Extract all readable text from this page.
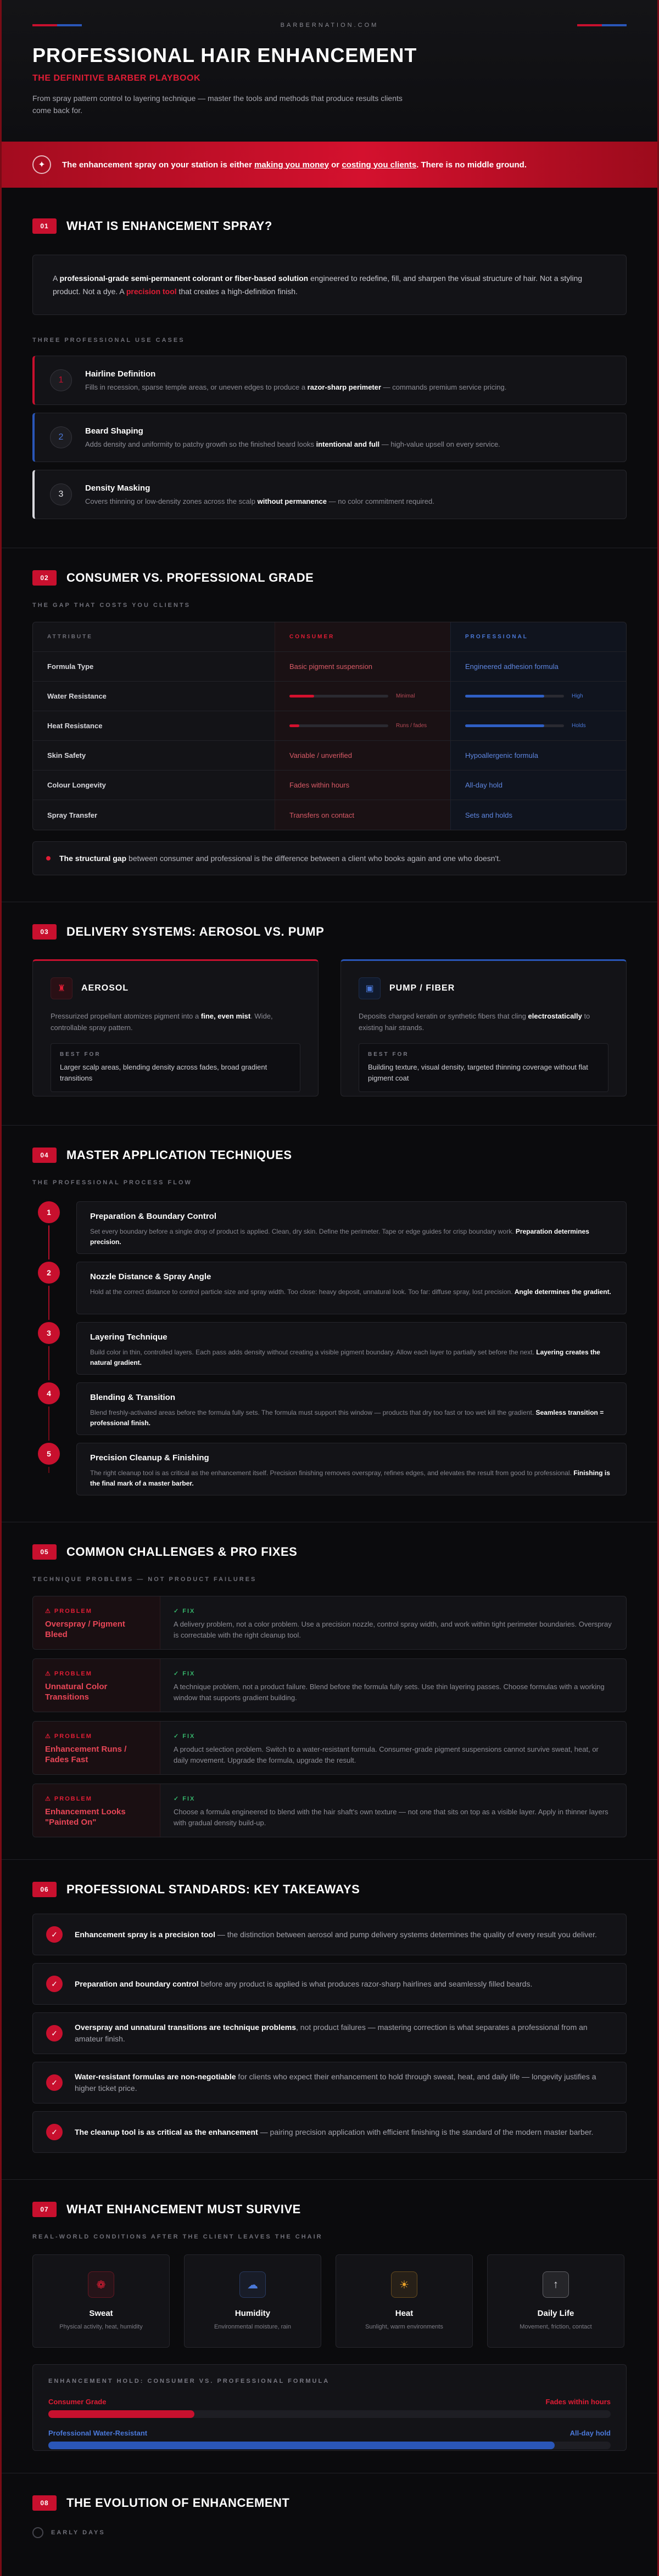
BARBERNATION.COM
PROFESSIONAL HAIR ENHANCEMENT
THE DEFINITIVE BARBER PLAYBOOK

From spray pattern control to layering technique — master the tools and methods that produce results clients come back for.

✦	The enhancement spray on your station is either making you money or costing you clients. There is no middle ground.
01	WHAT IS ENHANCEMENT SPRAY?
A professional-grade semi-permanent colorant or fiber-based solution engineered to redefine, fill, and sharpen the visual structure of hair. Not a styling product. Not a dye. A precision tool that creates a high-definition finish.
THREE PROFESSIONAL USE CASES
1
Hairline Definition
Fills in recession, sparse temple areas, or uneven edges to produce a razor-sharp perimeter — commands premium service pricing.
2
Beard Shaping
Adds density and uniformity to patchy growth so the finished beard looks intentional and full — high-value upsell on every service.
3
Density Masking
Covers thinning or low-density zones across the scalp without permanence — no color commitment required.
02	CONSUMER VS. PROFESSIONAL GRADE
THE GAP THAT COSTS YOU CLIENTS
ATTRIBUTE	CONSUMER	PROFESSIONAL
Formula Type	Basic pigment suspension	Engineered adhesion formula
Water Resistance	Minimal	High
Heat Resistance	Runs / fades	Holds
Skin Safety	Variable / unverified	Hypoallergenic formula
Colour Longevity	Fades within hours	All-day hold
Spray Transfer	Transfers on contact	Sets and holds
The structural gap between consumer and professional is the difference between a client who books again and one who doesn't.
03	DELIVERY SYSTEMS: AEROSOL VS. PUMP
♜	AEROSOL
Pressurized propellant atomizes pigment into a fine, even mist. Wide, controllable spray pattern.
BEST FOR
Larger scalp areas, blending density across fades, broad gradient transitions
▣	PUMP / FIBER
Deposits charged keratin or synthetic fibers that cling electrostatically to existing hair strands.
BEST FOR
Building texture, visual density, targeted thinning coverage without flat pigment coat
04	MASTER APPLICATION TECHNIQUES
THE PROFESSIONAL PROCESS FLOW
1	Preparation & Boundary Control
Set every boundary before a single drop of product is applied. Clean, dry skin. Define the perimeter. Tape or edge guides for crisp boundary work. Preparation determines precision.
2	Nozzle Distance & Spray Angle
Hold at the correct distance to control particle size and spray width. Too close: heavy deposit, unnatural look. Too far: diffuse spray, lost precision. Angle determines the gradient.
3	Layering Technique
Build color in thin, controlled layers. Each pass adds density without creating a visible pigment boundary. Allow each layer to partially set before the next. Layering creates the natural gradient.
4	Blending & Transition
Blend freshly-activated areas before the formula fully sets. The formula must support this window — products that dry too fast or too wet kill the gradient. Seamless transition = professional finish.
5	Precision Cleanup & Finishing
The right cleanup tool is as critical as the enhancement itself. Precision finishing removes overspray, refines edges, and elevates the result from good to professional. Finishing is the final mark of a master barber.
05	COMMON CHALLENGES & PRO FIXES
TECHNIQUE PROBLEMS — NOT PRODUCT FAILURES
⚠ PROBLEM
Overspray / Pigment Bleed
✓ FIX
A delivery problem, not a color problem. Use a precision nozzle, control spray width, and work within tight perimeter boundaries. Overspray is correctable with the right cleanup tool.
⚠ PROBLEM
Unnatural Color Transitions
✓ FIX
A technique problem, not a product failure. Blend before the formula fully sets. Use thin layering passes. Choose formulas with a working window that supports gradient building.
⚠ PROBLEM
Enhancement Runs / Fades Fast
✓ FIX
A product selection problem. Switch to a water-resistant formula. Consumer-grade pigment suspensions cannot survive sweat, heat, or daily movement. Upgrade the formula, upgrade the result.
⚠ PROBLEM
Enhancement Looks "Painted On"
✓ FIX
Choose a formula engineered to blend with the hair shaft's own texture — not one that sits on top as a visible layer. Apply in thinner layers with gradual density build-up.
06	PROFESSIONAL STANDARDS: KEY TAKEAWAYS
✓	Enhancement spray is a precision tool — the distinction between aerosol and pump delivery systems determines the quality of every result you deliver.
✓	Preparation and boundary control before any product is applied is what produces razor-sharp hairlines and seamlessly filled beards.
✓
Overspray and unnatural transitions are technique problems, not product failures — mastering correction is what separates a professional from an amateur finish.
✓
Water-resistant formulas are non-negotiable for clients who expect their enhancement to hold through sweat, heat, and daily life — longevity justifies a higher ticket price.
✓	The cleanup tool is as critical as the enhancement — pairing precision application with efficient finishing is the standard of the modern master barber.
07	WHAT ENHANCEMENT MUST SURVIVE
REAL-WORLD CONDITIONS AFTER THE CLIENT LEAVES THE CHAIR
❁
Sweat
Physical activity, heat, humidity
☁
Humidity
Environmental moisture, rain
☀
Heat
Sunlight, warm environments
↑
Daily Life
Movement, friction, contact
ENHANCEMENT HOLD: CONSUMER VS. PROFESSIONAL FORMULA
Consumer Grade	Fades within hours
Professional Water-Resistant	All-day hold
08	THE EVOLUTION OF ENHANCEMENT
EARLY DAYS
